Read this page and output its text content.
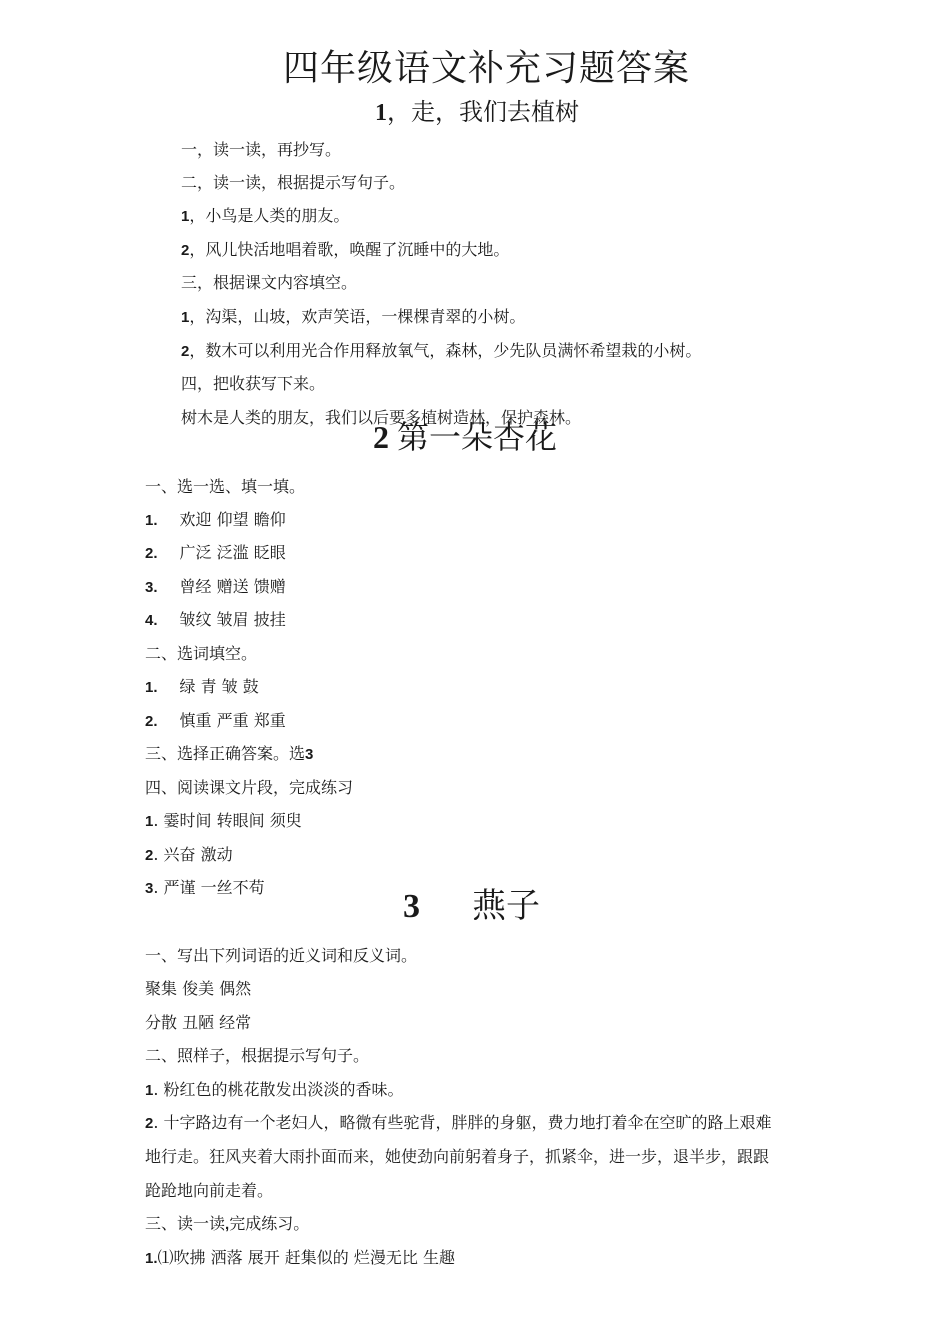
四年级语文补充习题答案
1，走，我们去植树
一，读一读，再抄写。
二，读一读，根据提示写句子。
1，小鸟是人类的朋友。
2，风儿快活地唱着歌，唤醒了沉睡中的大地。
三，根据课文内容填空。
1，沟渠，山坡，欢声笑语，一棵棵青翠的小树。
2，数木可以利用光合作用释放氧气，森林，少先队员满怀希望栽的小树。
四，把收获写下来。
树木是人类的朋友，我们以后要多植树造林，保护森林。
2 第一朵杏花
一、选一选、填一填。
1. 欢迎 仰望 瞻仰
2. 广泛 泛滥 眨眼
3. 曾经 赠送 馈赠
4. 皱纹 皱眉 披挂
二、选词填空。
1. 绿 青 皱 鼓
2. 慎重 严重 郑重
三、选择正确答案。选3
四、阅读课文片段，完成练习
1. 霎时间 转眼间 须臾
2. 兴奋 激动
3. 严谨 一丝不苟
3 燕子
一、写出下列词语的近义词和反义词。
聚集 俊美 偶然
分散 丑陋 经常
二、照样子，根据提示写句子。
1. 粉红色的桃花散发出淡淡的香味。
2. 十字路边有一个老妇人，略微有些驼背，胖胖的身躯，费力地打着伞在空旷的路上艰难
地行走。狂风夹着大雨扑面而来，她使劲向前躬着身子，抓紧伞，进一步，退半步，跟跟
跄跄地向前走着。
三、读一读,完成练习。
1.⑴吹拂 洒落 展开 赶集似的 烂漫无比 生趣
